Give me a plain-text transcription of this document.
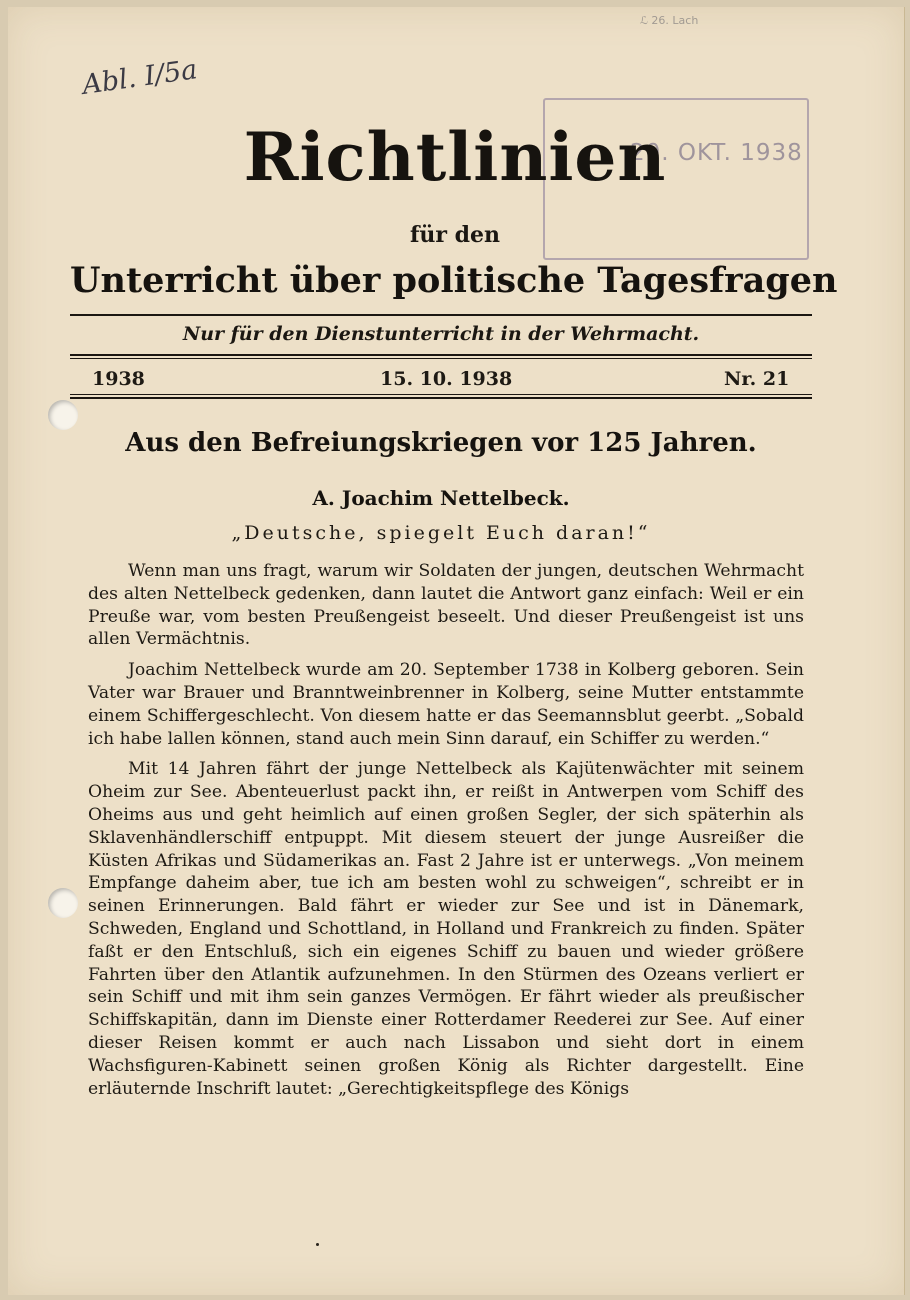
ℒ 26. Lach
Abl. I/5a
20. OKT. 1938
Richtlinien
für den
Unterricht über politische Tagesfragen
Nur für den Dienstunterricht in der Wehrmacht.
1938	15. 10. 1938	Nr. 21
Aus den Befreiungskriegen vor 125 Jahren.
A. Joachim Nettelbeck.
„Deutsche, spiegelt Euch daran!“

Wenn man uns fragt, warum wir Soldaten der jungen, deutschen Wehrmacht des alten Nettelbeck gedenken, dann lautet die Antwort ganz einfach: Weil er ein Preuße war, vom besten Preußengeist beseelt. Und dieser Preußengeist ist uns allen Vermächtnis.

Joachim Nettelbeck wurde am 20. September 1738 in Kolberg geboren. Sein Vater war Brauer und Branntweinbrenner in Kolberg, seine Mutter entstammte einem Schiffergeschlecht. Von diesem hatte er das Seemannsblut geerbt. „Sobald ich habe lallen können, stand auch mein Sinn darauf, ein Schiffer zu werden.“

Mit 14 Jahren fährt der junge Nettelbeck als Kajütenwächter mit seinem Oheim zur See. Abenteuerlust packt ihn, er reißt in Antwerpen vom Schiff des Oheims aus und geht heimlich auf einen großen Segler, der sich späterhin als Sklavenhändlerschiff entpuppt. Mit diesem steuert der junge Ausreißer die Küsten Afrikas und Südamerikas an. Fast 2 Jahre ist er unterwegs. „Von meinem Empfange daheim aber, tue ich am besten wohl zu schweigen“, schreibt er in seinen Erinnerungen. Bald fährt er wieder zur See und ist in Dänemark, Schweden, England und Schottland, in Holland und Frankreich zu finden. Später faßt er den Entschluß, sich ein eigenes Schiff zu bauen und wieder größere Fahrten über den Atlantik aufzunehmen. In den Stürmen des Ozeans verliert er sein Schiff und mit ihm sein ganzes Vermögen. Er fährt wieder als preußischer Schiffskapitän, dann im Dienste einer Rotterdamer Reederei zur See. Auf einer dieser Reisen kommt er auch nach Lissabon und sieht dort in einem Wachsfiguren-Kabinett seinen großen König als Richter dargestellt. Eine erläuternde Inschrift lautet: „Gerechtigkeitspflege des Königs
